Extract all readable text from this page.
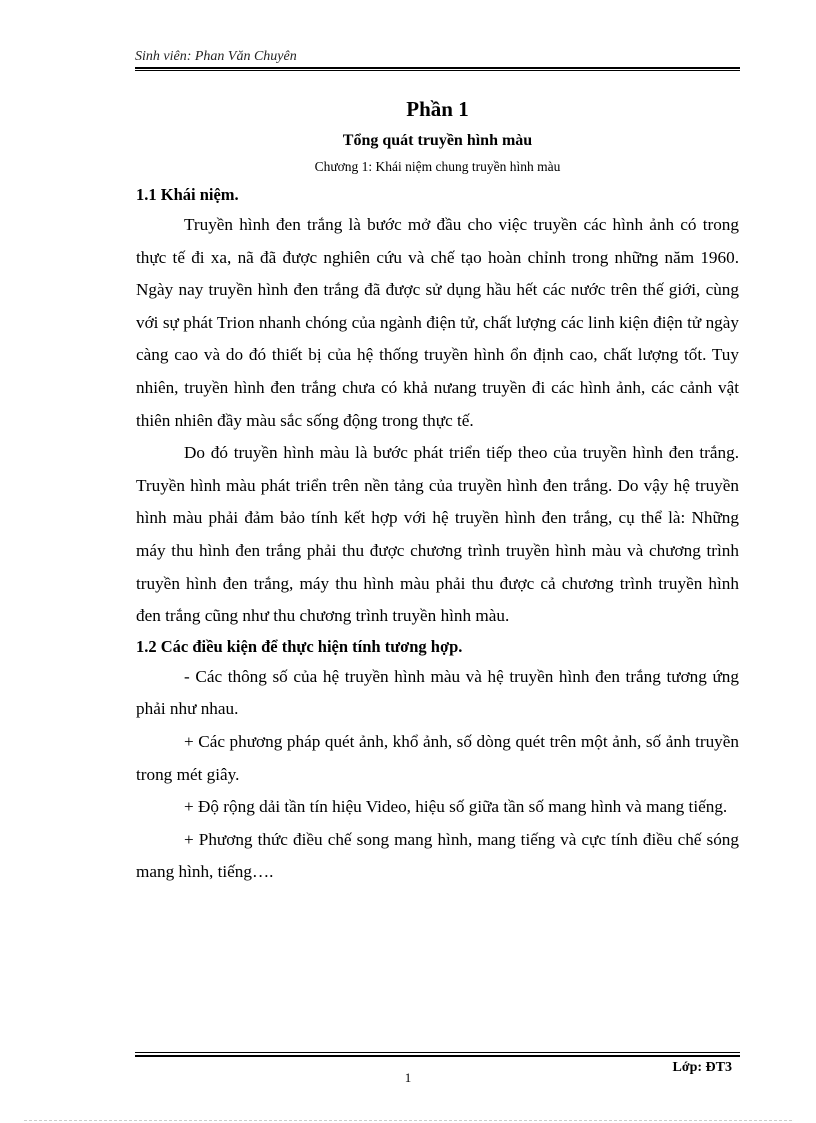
Sinh viên: Phan Văn Chuyên
Phần 1
Tổng quát truyền hình màu
Chương 1: Khái niệm chung truyền hình màu
1.1 Khái niệm.

Truyền hình đen trắng là bước mở đầu cho việc truyền các hình ảnh có trong thực tế đi xa, nã đã được nghiên cứu và chế tạo hoàn chỉnh trong những năm 1960. Ngày nay truyền hình đen trắng đã được sử dụng hầu hết các nước trên thế giới, cùng với sự phát Trion nhanh chóng của ngành điện tử, chất lượng các linh kiện điện tử ngày càng cao và do đó thiết bị của hệ thống truyền hình ổn định cao, chất lượng tốt. Tuy nhiên, truyền hình đen trắng chưa có khả nưang truyền đi các hình ảnh, các cảnh vật thiên nhiên đầy màu sắc sống động trong thực tế.

Do đó truyền hình màu là bước phát triển tiếp theo của truyền hình đen trắng. Truyền hình màu phát triển trên nền tảng của truyền hình đen trắng. Do vậy hệ truyền hình màu phải đảm bảo tính kết hợp với hệ truyền hình đen trắng, cụ thể là: Những máy thu hình đen trắng phải thu được chương trình truyền hình màu và chương trình truyền hình đen trắng, máy thu hình màu phải thu được cả chương trình truyền hình đen trắng cũng như thu chương trình truyền hình màu.

1.2 Các điều kiện để thực hiện tính tương hợp.

- Các thông số của hệ truyền hình màu và hệ truyền hình đen trắng tương ứng phải như nhau.

+ Các phương pháp quét ảnh, khổ ảnh, số dòng quét trên một ảnh, số ảnh truyền trong mét giây.

+ Độ rộng dải tần tín hiệu Video, hiệu số giữa tần số mang hình và mang tiếng.

+ Phương thức điều chế song mang hình, mang tiếng và cực tính điều chế sóng mang hình, tiếng….

Lớp: ĐT3
1
